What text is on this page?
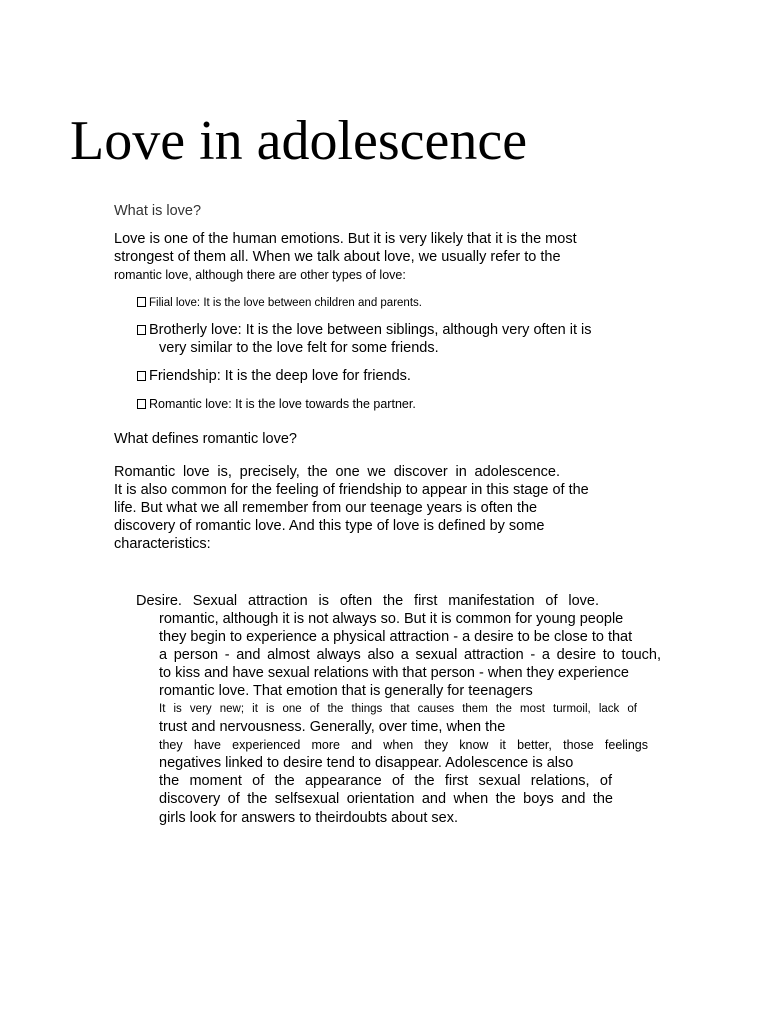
Love in adolescence

What is love?

Love is one of the human emotions. But it is very likely that it is the most

strongest of them all. When we talk about love, we usually refer to the

romantic love, although there are other types of love:

Filial love: It is the love between children and parents.

Brotherly love: It is the love between siblings, although very often it is

very similar to the love felt for some friends.

Friendship: It is the deep love for friends.

Romantic love: It is the love towards the partner.

What defines romantic love?

Romantic love is, precisely, the one we discover in adolescence.

It is also common for the feeling of friendship to appear in this stage of the

life. But what we all remember from our teenage years is often the

discovery of romantic love. And this type of love is defined by some

characteristics:

Desire. Sexual attraction is often the first manifestation of love.

romantic, although it is not always so. But it is common for young people

they begin to experience a physical attraction - a desire to be close to that

a person - and almost always also a sexual attraction - a desire to touch,

to kiss and have sexual relations with that person - when they experience

romantic love. That emotion that is generally for teenagers

It is very new; it is one of the things that causes them the most turmoil, lack of

trust and nervousness. Generally, over time, when the

they have experienced more and when they know it better, those feelings

negatives linked to desire tend to disappear. Adolescence is also

the moment of the appearance of the first sexual relations, of

discovery of the selfsexual orientation and when the boys and the

girls look for answers to theirdoubts about sex.
